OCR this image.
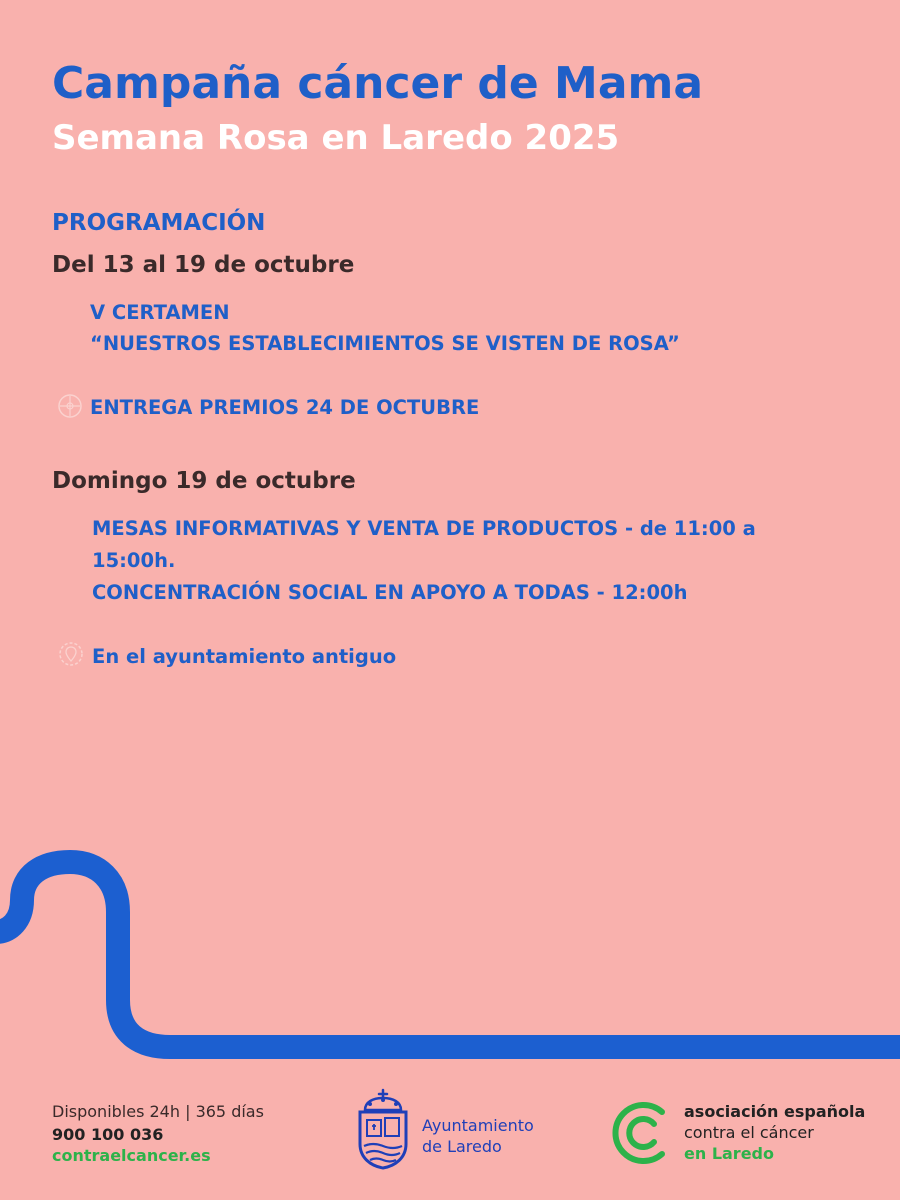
Campaña cáncer de Mama
Semana Rosa en Laredo 2025
PROGRAMACIÓN
Del 13 al 19 de octubre
V CERTAMEN
“NUESTROS ESTABLECIMIENTOS SE VISTEN DE ROSA”
ENTREGA PREMIOS 24 DE OCTUBRE
Domingo 19 de octubre
MESAS INFORMATIVAS Y VENTA DE PRODUCTOS - de 11:00 a
15:00h.
CONCENTRACIÓN SOCIAL EN APOYO A TODAS - 12:00h
En el ayuntamiento antiguo
Disponibles 24h | 365 días
900 100 036
contraelcancer.es
Ayuntamiento
de Laredo
asociación española
contra el cáncer
en Laredo
